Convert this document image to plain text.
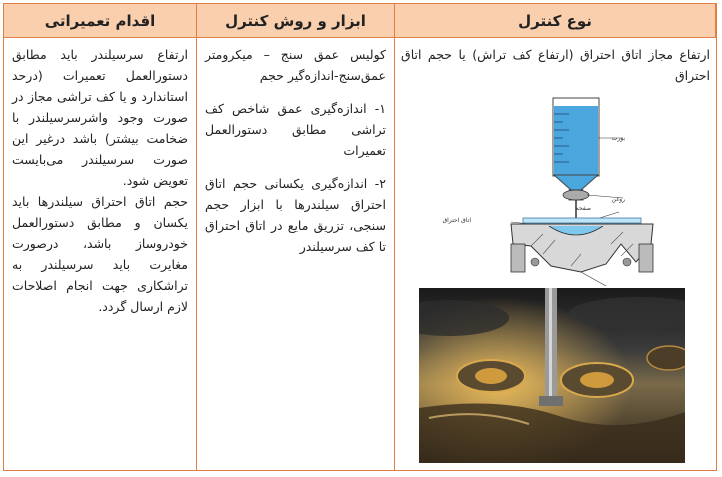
اقدام تعمیراتی	ابزار و روش کنترل	نوع کنترل

ارتفاع سرسیلندر باید مطابق دستورالعمل تعمیرات (درحد استاندارد و یا کف تراشی مجاز در صورت وجود واشرسرسیلندر با ضخامت بیشتر) باشد درغیر این صورت سرسیلندر می‌بایست تعویض شود.

حجم اتاق احتراق سیلندرها باید یکسان و مطابق دستورالعمل خودروساز باشد، درصورت مغایرت باید سرسیلندر به تراشکاری جهت انجام اصلاحات لازم ارسال گردد.

کولیس عمق سنج – میکرومتر عمق‌سنج-اندازه‌گیر حجم

۱- اندازه‌گیری عمق شاخص کف تراشی مطابق دستورالعمل تعمیرات

۲- اندازه‌گیری یکسانی حجم اتاق احتراق سیلندرها با ابزار حجم سنجی، تزریق مایع در اتاق احتراق تا کف سرسیلندر

ارتفاع مجاز اتاق احتراق (ارتفاع کف تراش) یا حجم اتاق احتراق

بورت
روغن
صفحه
اتاق احتراق
